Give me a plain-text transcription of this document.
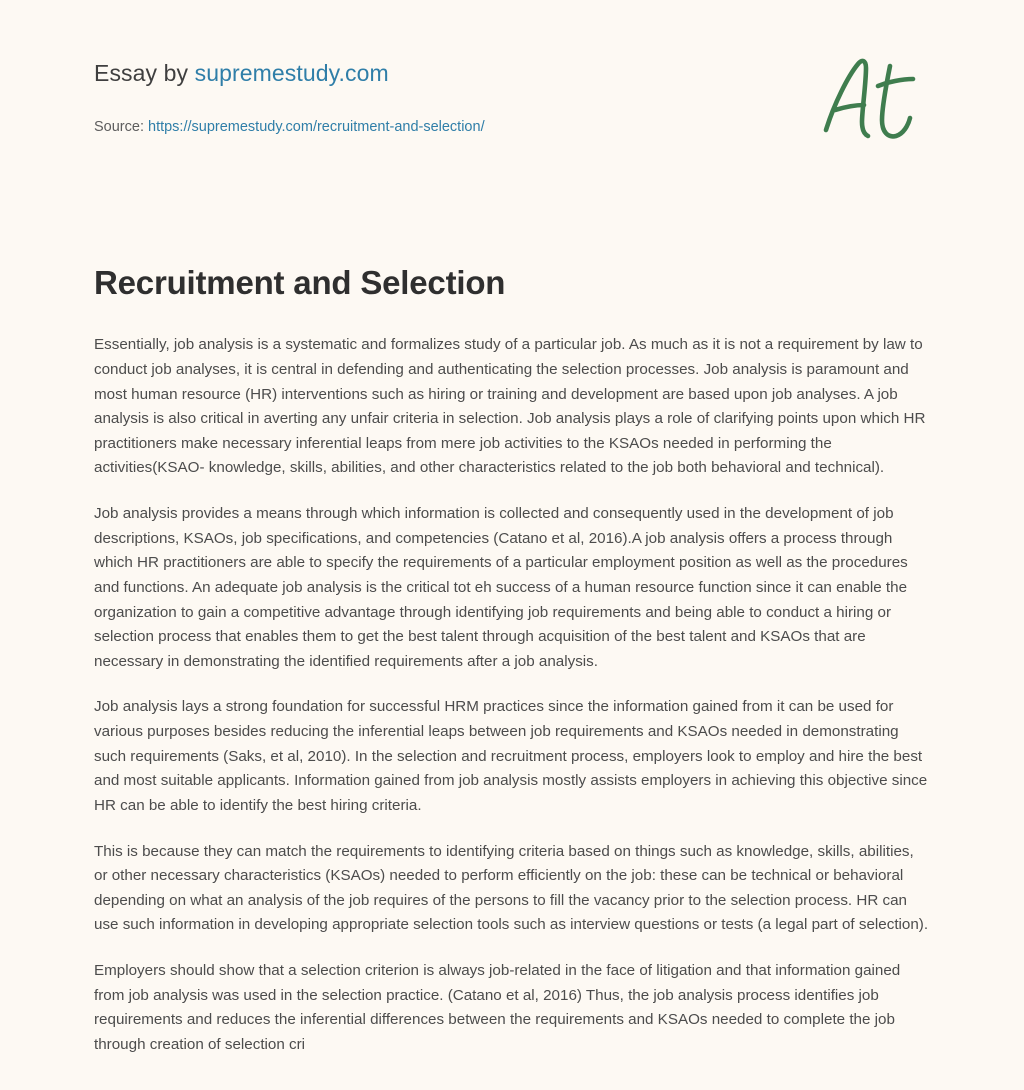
Essay by supremestudy.com
Source: https://supremestudy.com/recruitment-and-selection/
Recruitment and Selection

Essentially, job analysis is a systematic and formalizes study of a particular job. As much as it is not a requirement by law to conduct job analyses, it is central in defending and authenticating the selection processes. Job analysis is paramount and most human resource (HR) interventions such as hiring or training and development are based upon job analyses. A job analysis is also critical in averting any unfair criteria in selection. Job analysis plays a role of clarifying points upon which HR practitioners make necessary inferential leaps from mere job activities to the KSAOs needed in performing the activities(KSAO- knowledge, skills, abilities, and other characteristics related to the job both behavioral and technical).

Job analysis provides a means through which information is collected and consequently used in the development of job descriptions, KSAOs, job specifications, and competencies (Catano et al, 2016).A job analysis offers a process through which HR practitioners are able to specify the requirements of a particular employment position as well as the procedures and functions. An adequate job analysis is the critical tot eh success of a human resource function since it can enable the organization to gain a competitive advantage through identifying job requirements and being able to conduct a hiring or selection process that enables them to get the best talent through acquisition of the best talent and KSAOs that are necessary in demonstrating the identified requirements after a job analysis.

Job analysis lays a strong foundation for successful HRM practices since the information gained from it can be used for various purposes besides reducing the inferential leaps between job requirements and KSAOs needed in demonstrating such requirements (Saks, et al, 2010). In the selection and recruitment process, employers look to employ and hire the best and most suitable applicants. Information gained from job analysis mostly assists employers in achieving this objective since HR can be able to identify the best hiring criteria.

This is because they can match the requirements to identifying criteria based on things such as knowledge, skills, abilities, or other necessary characteristics (KSAOs) needed to perform efficiently on the job: these can be technical or behavioral depending on what an analysis of the job requires of the persons to fill the vacancy prior to the selection process. HR can use such information in developing appropriate selection tools such as interview questions or tests (a legal part of selection).

Employers should show that a selection criterion is always job-related in the face of litigation and that information gained from job analysis was used in the selection practice. (Catano et al, 2016) Thus, the job analysis process identifies job requirements and reduces the inferential differences between the requirements and KSAOs needed to complete the job through creation of selection cri
